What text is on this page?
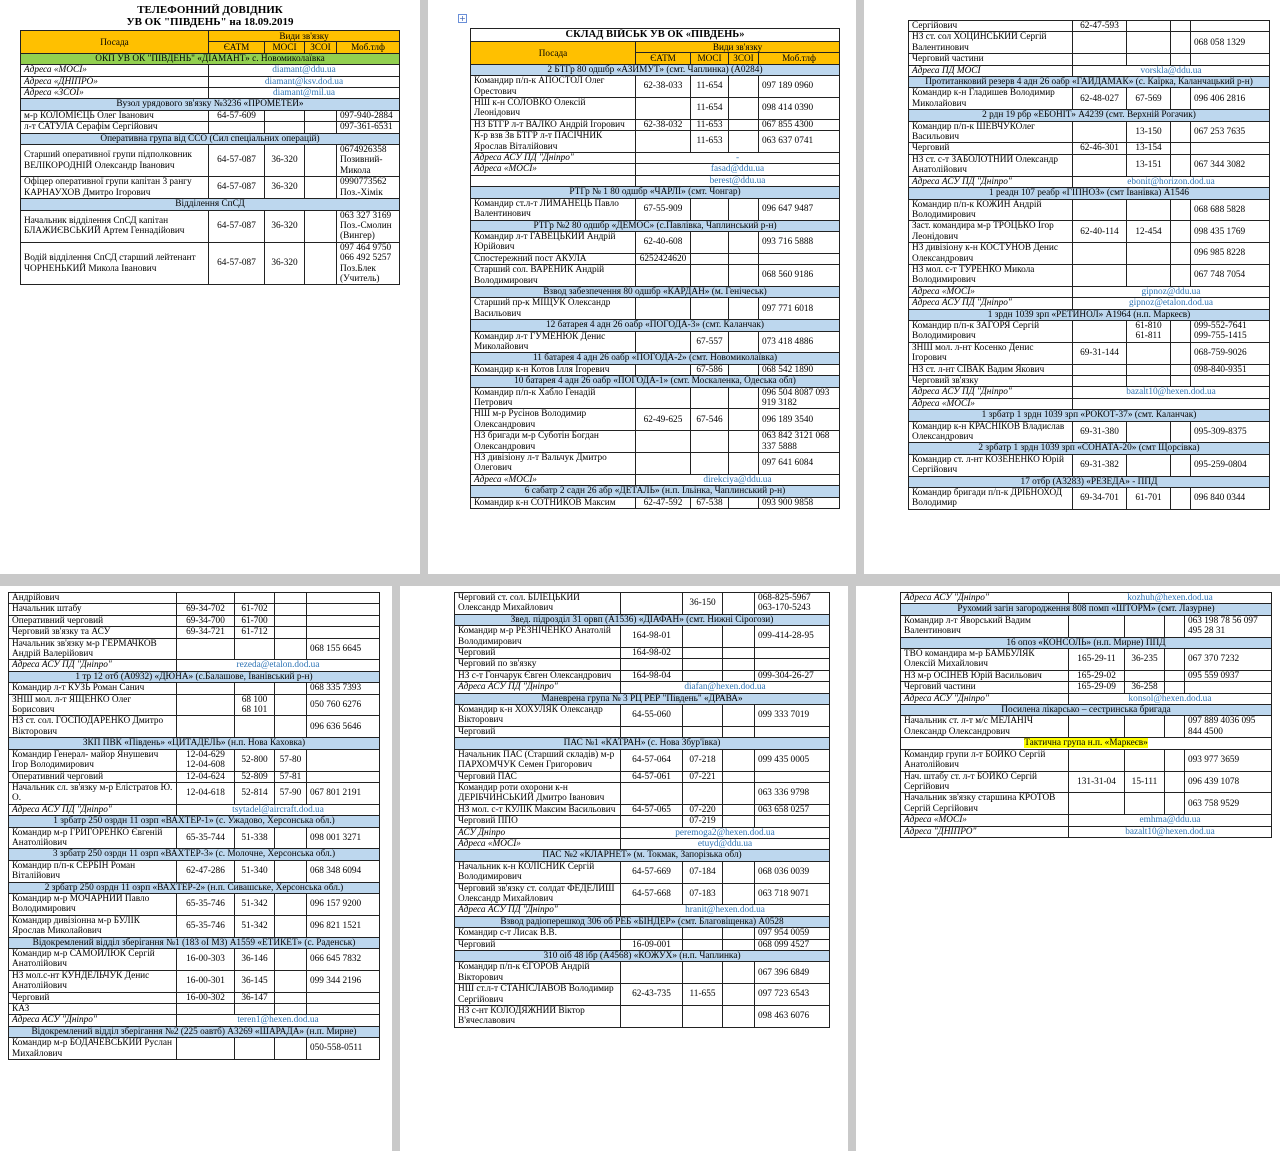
ТЕЛЕФОННИЙ ДОВІДНИК
УВ ОК "ПІВДЕНЬ" на 18.09.2019
Посада	Види зв'язку			
	ЄАТМ	МОСІ	ЗСОІ	Моб.тлф
ОКП УВ ОК "ПІВДЕНЬ" «ДІАМАНТ» с. Новомиколаївка				
Адреса «МОСІ»	diamant@ddu.ua			
Адреса «ДНІПРО»	diamant@ksv.dod.ua			
Адреса «ЗСОІ»	diamant@mil.ua			
Вузол урядового зв'язку №3236 «ПРОМЕТЕЙ»				
м-р КОЛОМІЄЦЬ Олег Іванович	64-57-609			097-940-2884
л-т САТУЛА Серафім Сергійович				097-361-6531
Оперативна група від ССО (Сил спеціальних операцій)				
Старший оперативної групи підполковник ВЕЛІКОРОДНІЙ Олександр Іванович	64-57-087	36-320		0674926358 Позивний-Микола
Офіцер оперативної групи капітан 3 рангу КАРНАУХОВ Дмитро Ігорович	64-57-087	36-320		0990773562 Поз.-Хімік
Відділення СпСД				
Начальник відділення СпСД капітан БЛАЖИЄВСЬКИЙ Артем Геннадійович	64-57-087	36-320		063 327 3169 Поз.-Смолин (Вингер)
Водій відділення СпСД старший лейтенант ЧОРНЕНЬКИЙ Микола Іванович	64-57-087	36-320		097 464 9750 066 492 5257 Поз.Блек (Учитель)
+
СКЛАД ВІЙСЬК УВ ОК «ПІВДЕНЬ»				
Посада	Види зв'язку			
	ЄАТМ	МОСІ	ЗСОІ	Моб.тлф
2 БТГр 80 одшбр «АЗИМУТ» (смт. Чаплинка) (А0284)				
Командир п/п-к АПОСТОЛ Олег Орестович	62-38-033	11-654		097 189 0960
НШ к-н СОЛОВКО Олексій Леонідович		11-654		098 414 0390
НЗ БТГР л-т ВАЛКО Андрій Ігорович	62-38-032	11-653		067 855 4300
К-р взв Зв БТГР л-т ПАСІЧНИК Ярослав Віталійович		11-653		063 637 0741
Адреса АСУ ПД "Дніпро"	-			
Адреса «МОСІ»	fasad@ddu.ua			
	berest@ddu.ua			
РТГр № 1 80 одшбр «ЧАРЛІ» (смт. Чонгар)				
Командир ст.л-т ЛИМАНЕЦЬ Павло Валентинович	67-55-909			096 647 9487
РТГр №2 80 одшбр «ДЕМОС» (с.Павлівка, Чаплинський р-н)				
Командир л-т ГАВЕЦЬКИЙ Андрій Юрійович	62-40-608			093 716 5888
Спостережний пост АКУЛА	6252424620			
Старший сол. ВАРЕНИК Андрій Володимирович				068 560 9186
Взвод забезпечення 80 одшбр «КАРДАН» (м. Генічеськ)				
Старший пр-к МІЩУК Олександр Васильович				097 771 6018
12 батарея 4 адн 26 оабр «ПОГОДА-3» (смт. Каланчак)				
Командир л-т ГУМЕНЮК Денис Миколайович		67-557		073 418 4886
11 батарея 4 адн 26 оабр «ПОГОДА-2» (смт. Новомиколаївка)				
Командир к-н Котов Ілля Ігоревич		67-586		068 542 1890
10 батарея 4 адн 26 оабр «ПОГОДА-1» (смт. Москаленка, Одеська обл)				
Командир п/п-к Хабло Генадій Петрович				096 504 8087 093 919 3182
НШ м-р Русінов Володимир Олександрович	62-49-625	67-546		096 189 3540
НЗ бригади м-р Суботін Богдан Олександрович				063 842 3121 068 337 5888
НЗ дивізіону л-т Вальчук Дмитро Олегович				097 641 6084
Адреса «МОСІ»	direkciya@ddu.ua			
6 сабатр 2 садн 26 абр «ДЕТАЛЬ» (н.п. Ільінка, Чаплинський р-н)				
Командир к-н СОТНИКОВ Максим	62-47-592	67-538		093 900 9858
Сергійович	62-47-593			
НЗ ст. сол ХОЦИНСЬКИЙ Сергій Валентинович				068 058 1329
Черговий частини				
Адреса ПД МОСІ	vorskla@ddu.ua			
Протитанковий резерв 4 адн 26 оабр «ГАЙДАМАК» (с. Каїрка, Каланчацький р-н)				
Командир к-н Гладишев Володимир Миколайович	62-48-027	67-569		096 406 2816
2 рдн 19 рбр «ЕБОНІТ» А4239 (смт. Верхній Рогачик)				
Командир п/п-к ШЕВЧУКОлег Васильович		13-150		067 253 7635
Черговий	62-46-301	13-154		
НЗ ст. с-т ЗАБОЛОТНИЙ Олександр Анатолійович		13-151		067 344 3082
Адреса АСУ ПД "Дніпро"	ebonit@horizon.dod.ua			
1 реадн 107 реабр «ГІПНОЗ» (смт Іванівка) А1546				
Командир п/п-к КОЖИН Андрій Володимирович				068 688 5828
Заст. командира м-р ТРОЦЬКО Ігор Леонідович	62-40-114	12-454		098 435 1769
НЗ дивізіону к-н КОСТУНОВ Денис Олександрович				096 985 8228
НЗ мол. с-т ТУРЕНКО Микола Володимирович				067 748 7054
Адреса «МОСІ»	gipnoz@ddu.ua			
Адреса АСУ ПД "Дніпро"	gipnoz@etalon.dod.ua			
1 зрдн 1039 зрп «РЕТИНОЛ» А1964 (н.п. Маркеєв)				
Командир п/п-к ЗАГОРЯ Сергій Володимирович		61-810 61-811		099-552-7641 099-755-1415
ЗНШ мол. л-нт Косенко Денис Ігорович	69-31-144			068-759-9026
НЗ ст. л-нт СІВАК Вадим Якович				098-840-9351
Черговий зв'язку				
Адреса АСУ ПД "Дніпро"	bazalt10@hexen.dod.ua			
Адреса «МОСІ»				
1 зрбатр 1 зрдн 1039 зрп «РОКОТ-37» (смт. Каланчак)				
Командир к-н КРАСНІКОВ Владислав Олександрович	69-31-380			095-309-8375
2 зрбатр 1 зрдн 1039 зрп «СОНАТА-20» (смт Щорсівка)				
Командир ст. л-нт КОЗЕНЕНКО Юрій Сергійович	69-31-382			095-259-0804
17 отбр (А3283) «РЕЗЕДА» - ППД				
Командир бригади п/п-к ДРІБНОХОД Володимир	69-34-701	61-701		096 840 0344
Андрійович				
Начальник штабу	69-34-702	61-702		
Оперативний черговий	69-34-700	61-700		
Черговий зв'язку та АСУ	69-34-721	61-712		
Начальник зв'язку м-р ГЕРМАЧКОВ Андрій Валерійович				068 155 6645
Адреса АСУ ПД "Дніпро"	rezeda@etalon.dod.ua			
1 тр 12 отб (А0932) «ДЮНА» (с.Балашове, Іванівський р-н)				
Командир л-т КУЗЬ Роман Санич				068 335 7393
ЗНШ мол. л-т ЯЩЕНКО Олег Борисович		68 100 68 101		050 760 6276
НЗ ст. сол. ГОСПОДАРЕНКО Дмитро Вікторович				096 636 5646
ЗКП ПВК «Південь» «ЦИТАДЕЛЬ» (н.п. Нова Каховка)				
Командир Генерал- майор Янушевич Ігор Володимирович	12-04-629 12-04-608	52-800	57-80	
Оперативний черговий	12-04-624	52-809	57-81	
Начальник сл. зв'язку м-р Елістратов Ю. О.	12-04-618	52-814	57-90	067 801 2191
Адреса АСУ ПД "Дніпро"	tsytadel@aircraft.dod.ua			
1 зрбатр 250 озрдн 11 озрп «ВАХТЕР-1» (с. Ужадово, Херсонська обл.)				
Командир м-р ГРИГОРЕНКО Євгеній Анатолійович	65-35-744	51-338		098 001 3271
3 зрбатр 250 озрдн 11 озрп «ВАХТЕР-3» (с. Молочне, Херсонська обл.)				
Командир п/п-к СЕРБІН Роман Віталійович	62-47-286	51-340		068 348 6094
2 зрбатр 250 озрдн 11 озрп «ВАХТЕР-2» (н.п. Сивашське, Херсонська обл.)				
Командир м-р МОЧАРНИЙ Павло Володимирович	65-35-746	51-342		096 157 9200
Командир дивізіонна м-р БУЛІК Ярослав Миколайович	65-35-746	51-342		096 821 1521
Відокремлений відділ зберігання №1 (183 оІ МЗ) А1559 «ЕТИКЕТ» (с. Раденськ)				
Командир м-р САМОЙЛЮК Сергій Анатолійович	16-00-303	36-146		066 645 7832
НЗ мол.с-нт КУНДЕЛЬЧУК Денис Анатолійович	16-00-301	36-145		099 344 2196
Черговий	16-00-302	36-147		
КАЗ				
Адреса АСУ "Дніпро"	teren1@hexen.dod.ua			
Відокремлений відділ зберігання №2 (225 оавтб) А3269 «ШАРАДА» (н.п. Мирне)				
Командир м-р БОДАЧЕВСЬКИЙ Руслан Михайлович				050-558-0511
Черговий ст. сол. БІЛЕЦЬКИЙ Олександр Михайлович		36-150		068-825-5967 063-170-5243
Звед. підрозділ 31 орвп (А1536) «ДІАФАН» (смт. Нижні Сірогози)				
Командир м-р РЕЗНІЧЕНКО Анатолій Володимирович	164-98-01			099-414-28-95
Черговий	164-98-02			
Черговий по зв'язку				
НЗ с-т Гончарук Євген Олександрович	164-98-04			099-304-26-27
Адреса АСУ ПД "Дніпро"	diafan@hexen.dod.ua			
Маневрена група № 3 РЦ РЕР "Південь" «ДРАВА»				
Командир к-н ХОХУЛЯК Олександр Вікторович	64-55-060			099 333 7019
Черговий				
ПАС №1 «КАТРАН» (с. Нова Збур'ївка)				
Начальник ПАС (Старший складів) м-р ПАРХОМЧУК Семен Григорович	64-57-064	07-218		099 435 0005
Черговий ПАС	64-57-061	07-221		
Командир роти охорони к-н ДЕРІБЧИНСЬКИЙ Дмитро Іванович				063 336 9798
НЗ мол. с-т КУЛІК Максим Васильович	64-57-065	07-220		063 658 0257
Черговий ППО		07-219		
АСУ Дніпро	peremoga2@hexen.dod.ua			
Адреса «МОСІ»	etuyd@ddu.ua			
ПАС №2 «КЛАРНЕТ» (м. Токмак, Запорізька обл)				
Начальник к-н КОЛІСНИК Сергій Володимирович	64-57-669	07-184		068 036 0039
Черговий зв'язку ст. солдат ФЕДЕЛИШ Олександр Михайлович	64-57-668	07-183		063 718 9071
Адреса АСУ ПД "Дніпро"	hranit@hexen.dod.ua			
Взвод радіоперешкод 306 об РЕБ «БІНДЕР» (смт. Благовіщенка) А0528				
Командир с-т Лисак В.В.				097 954 0059
Черговий	16-09-001			068 099 4527
310 оіб 48 ібр (А4568) «КОЖУХ» (н.п. Чаплинка)				
Командир п/п-к ЄГОРОВ Андрій Вікторович				067 396 6849
НШ ст.л-т СТАНІСЛАВОВ Володимир Сергійович	62-43-735	11-655		097 723 6543
НЗ с-нт КОЛОДЯЖНИЙ Віктор В'ячеславович				098 463 6076
Адреса АСУ "Дніпро"	kozhuh@hexen.dod.ua			
Рухомий загін загородження 808 помп «ШТОРМ» (смт. Лазурне)				
Командир л-т Яворський Вадим Валентинович				063 198 78 56 097 495 28 31
16 опоз «КОНСОЛЬ» (н.п. Мирне) ППД				
ТВО командира м-р БАМБУЛЯК Олексій Михайлович	165-29-11	36-235		067 370 7232
НЗ м-р ОСІНЕВ Юрій Васильович	165-29-02			095 559 0937
Черговий частини	165-29-09	36-258		
Адреса АСУ "Дніпро"	konsol@hexen.dod.ua			
Посилена лікарсько – сестринська бригада				
Начальник ст. л-т м/с МЕЛАНІЧ Олександр Олександрович				097 889 4036 095 844 4500
Тактична група н.п. «Маркеєв»				
Командир групи л-т БОЙКО Сергій Анатолійович				093 977 3659
Нач. штабу ст. л-т БОЙКО Сергій Сергійович	131-31-04	15-111		096 439 1078
Начальник зв'язку старшина КРОТОВ Сергій Сергійович				063 758 9529
Адреса «МОСІ»	emhma@ddu.ua			
Адреса "ДНІПРО"	bazalt10@hexen.dod.ua			
